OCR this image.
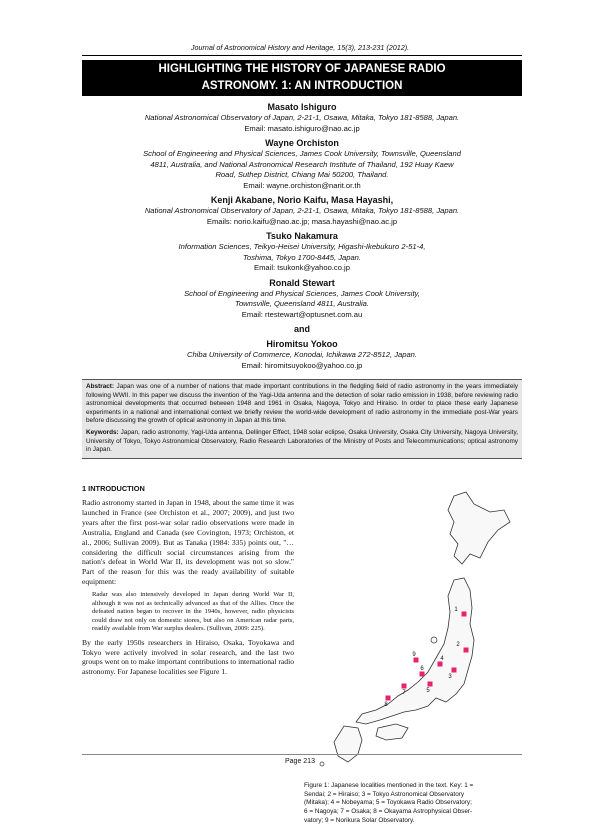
Journal of Astronomical History and Heritage, 15(3), 213-231 (2012).
HIGHLIGHTING THE HISTORY OF JAPANESE RADIO
ASTRONOMY. 1: AN INTRODUCTION
Masato Ishiguro
National Astronomical Observatory of Japan, 2-21-1, Osawa, Mitaka, Tokyo 181-8588, Japan.
Email: masato.ishiguro@nao.ac.jp
Wayne Orchiston
School of Engineering and Physical Sciences, James Cook University, Townsville, Queensland
4811, Australia, and National Astronomical Research Institute of Thailand, 192 Huay Kaew
Road, Suthep District, Chiang Mai 50200, Thailand.
Email: wayne.orchiston@narit.or.th
Kenji Akabane, Norio Kaifu, Masa Hayashi,
National Astronomical Observatory of Japan, 2-21-1, Osawa, Mitaka, Tokyo 181-8588, Japan.
Emails: norio.kaifu@nao.ac.jp; masa.hayashi@nao.ac.jp
Tsuko Nakamura
Information Sciences, Teikyo-Heisei University, Higashi-Ikebukuro 2-51-4,
Toshima, Tokyo 1700-8445, Japan.
Email: tsukonk@yahoo.co.jp
Ronald Stewart
School of Engineering and Physical Sciences, James Cook University,
Townsville, Queensland 4811, Australia.
Email: rtestewart@optusnet.com.au
and
Hiromitsu Yokoo
Chiba University of Commerce, Konodai, Ichikawa 272-8512, Japan.
Email: hiromitsuyokoo@yahoo.co.jp

Abstract: Japan was one of a number of nations that made important contributions in the fledgling field of radio astronomy in the years immediately following WWII. In this paper we discuss the invention of the Yagi-Uda antenna and the detection of solar radio emission in 1938, before reviewing radio astronomical developments that occurred between 1948 and 1961 in Osaka, Nagoya, Tokyo and Hiraiso. In order to place these early Japanese experiments in a national and international context we briefly review the world-wide development of radio astronomy in the immediate post-War years before discussing the growth of optical astronomy in Japan at this time.

Keywords: Japan, radio astronomy, Yagi-Uda antenna, Dellinger Effect, 1948 solar eclipse, Osaka University, Osaka City University, Nagoya University, University of Tokyo, Tokyo Astronomical Observatory, Radio Research Laboratories of the Ministry of Posts and Telecommunications; optical astronomy in Japan.

1 INTRODUCTION

Radio astronomy started in Japan in 1948, about the same time it was launched in France (see Orchiston et al., 2007; 2009), and just two years after the first post-war solar radio observations were made in Australia, England and Canada (see Covington, 1973; Orchiston, et al., 2006; Sullivan 2009). But as Tanaka (1984: 335) points out, "… considering the difficult social circumstances arising from the nation's defeat in World War II, its development was not so slow." Part of the reason for this was the ready availability of suitable equipment:

Radar was also intensively developed in Japan during World War II, although it was not as technically advanced as that of the Allies. Once the defeated nation began to recover in the 1940s, however, radio physicists could draw not only on domestic stores, but also on American radar parts, readily available from War surplus dealers. (Sullivan, 2009: 225).

By the early 1950s researchers in Hiraiso, Osaka, Toyokawa and Tokyo were actively involved in solar research, and the last two groups went on to make important contributions to international radio astronomy. For Japanese localities see Figure 1.

1
2
3
4
5
6
7
8
9
Figure 1: Japanese localities mentioned in the text. Key: 1 =
Sendai; 2 = Hiraiso; 3 = Tokyo Astronomical Observatory
(Mitaka); 4 = Nobeyama; 5 = Toyokawa Radio Observatory;
6 = Nagoya; 7 = Osaka; 8 = Okayama Astrophysical Obser-
vatory; 9 = Norikura Solar Observatory.
Page 213
